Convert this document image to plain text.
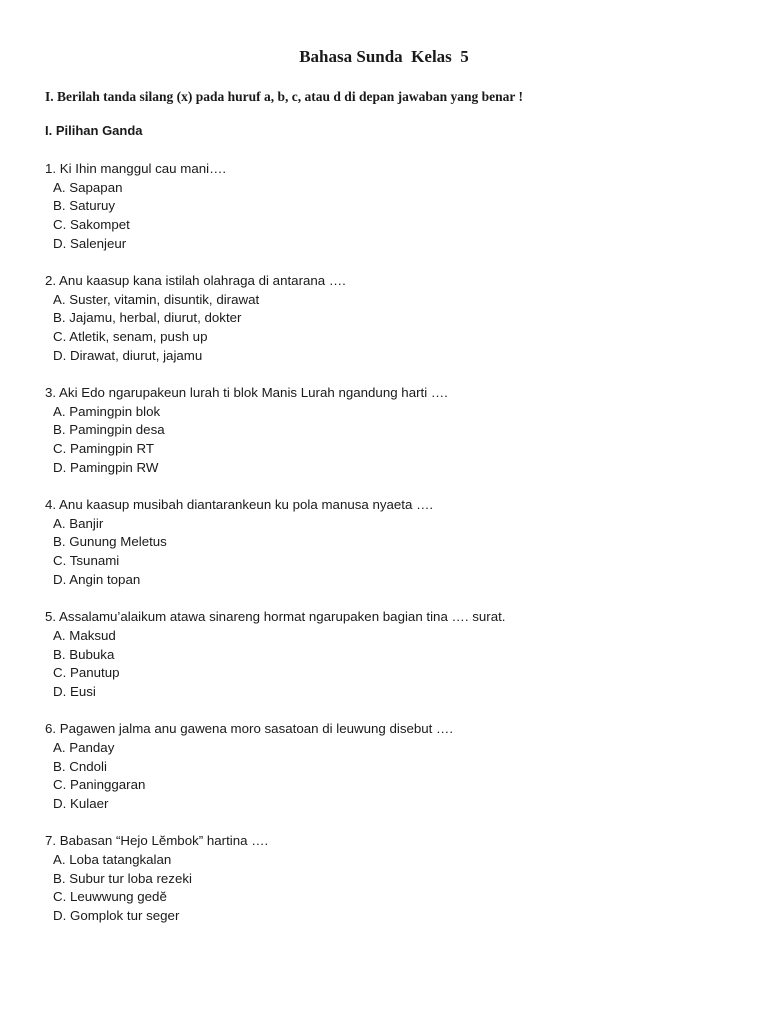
Bahasa Sunda  Kelas  5
I. Berilah tanda silang (x) pada huruf a, b, c, atau d di depan jawaban yang benar !
I. Pilihan Ganda
1. Ki Ihin manggul cau mani….
A. Sapapan
B. Saturuy
C. Sakompet
D. Salenjeur
2. Anu kaasup kana istilah olahraga di antarana ….
A. Suster, vitamin, disuntik, dirawat
B. Jajamu, herbal, diurut, dokter
C. Atletik, senam, push up
D. Dirawat, diurut, jajamu
3. Aki Edo ngarupakeun lurah ti blok Manis Lurah ngandung harti ….
A. Pamingpin blok
B. Pamingpin desa
C. Pamingpin RT
D. Pamingpin RW
4. Anu kaasup musibah diantarankeun ku pola manusa nyaeta ….
A. Banjir
B. Gunung Meletus
C. Tsunami
D. Angin topan
5. Assalamu’alaikum atawa sinareng hormat ngarupaken bagian tina …. surat.
A. Maksud
B. Bubuka
C. Panutup
D. Eusi
6. Pagawen jalma anu gawena moro sasatoan di leuwung disebut ….
A. Panday
B. Cndoli
C. Paninggaran
D. Kulaer
7. Babasan “Hejo Lĕmbok” hartina ….
A. Loba tatangkalan
B. Subur tur loba rezeki
C. Leuwwung gedĕ
D. Gomplok tur seger
